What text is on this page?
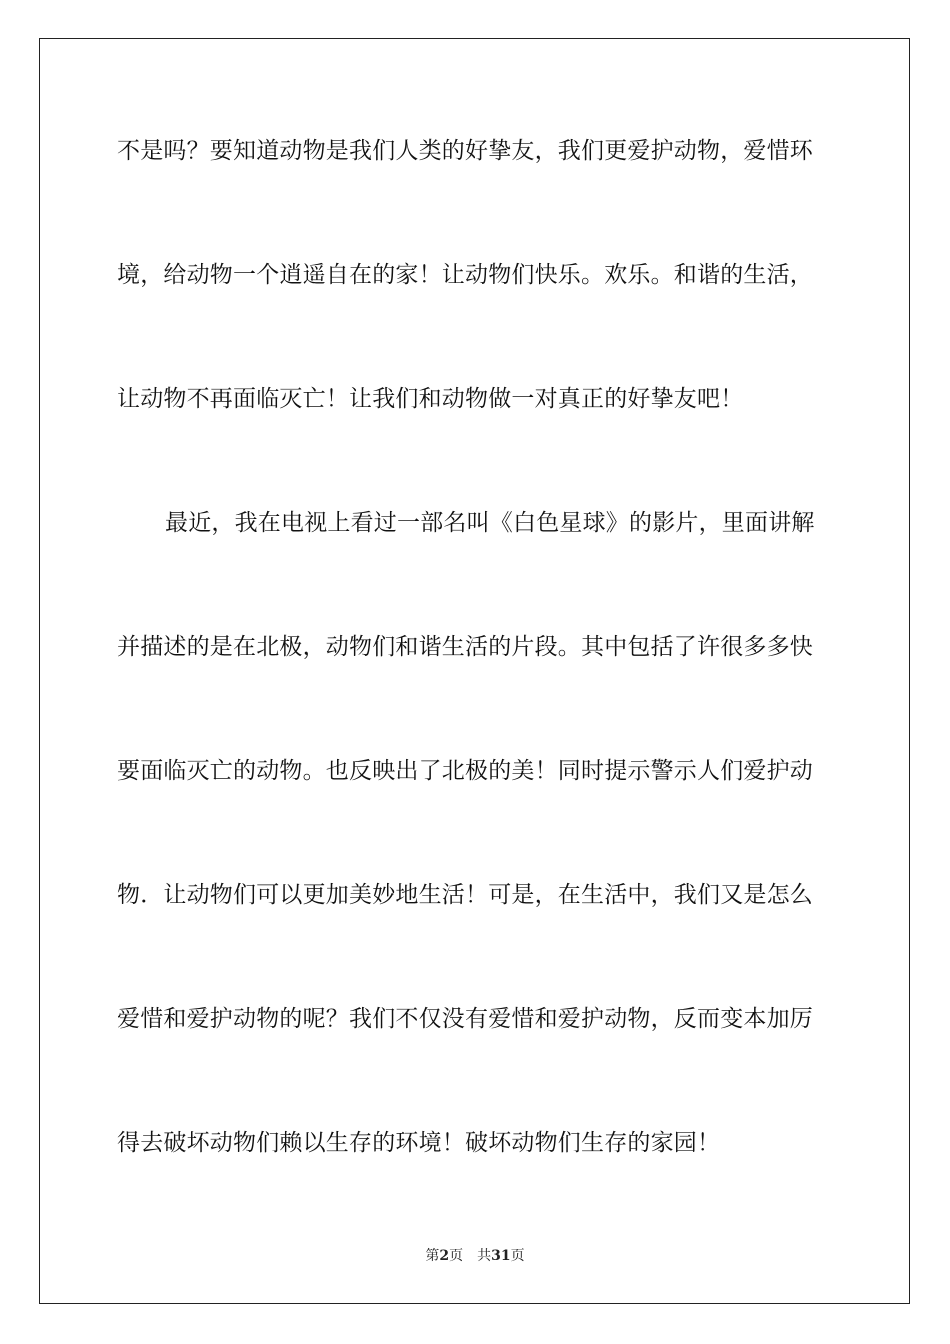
不是吗？要知道动物是我们人类的好挚友，我们更爱护动物，爱惜环

境，给动物一个逍遥自在的家！让动物们快乐。欢乐。和谐的生活，

让动物不再面临灭亡！让我们和动物做一对真正的好挚友吧！

最近，我在电视上看过一部名叫《白色星球》的影片，里面讲解

并描述的是在北极，动物们和谐生活的片段。其中包括了许很多多快

要面临灭亡的动物。也反映出了北极的美！同时提示警示人们爱护动

物．让动物们可以更加美妙地生活！可是，在生活中，我们又是怎么

爱惜和爱护动物的呢？我们不仅没有爱惜和爱护动物，反而变本加厉

得去破坏动物们赖以生存的环境！破坏动物们生存的家园！

第2页 共31页
